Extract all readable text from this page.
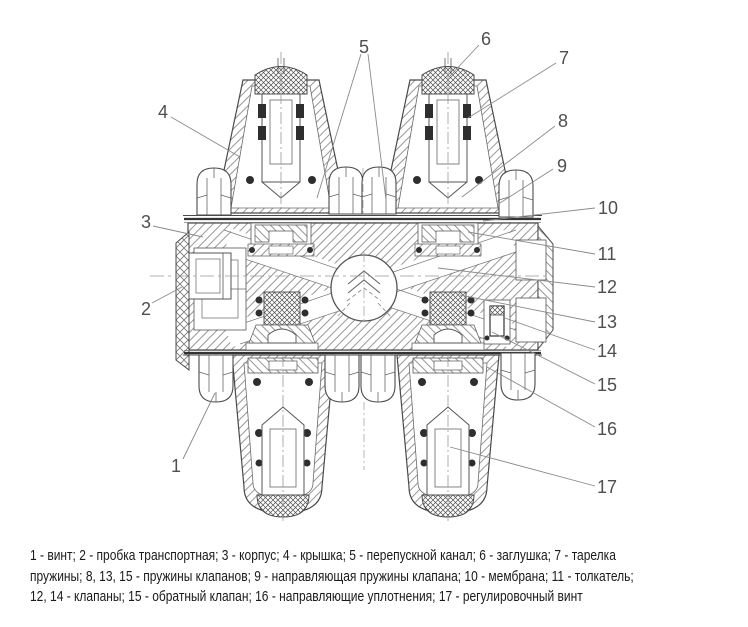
1
2
3
4
5	6
7
8
9
10
11
12
13
14
15
16
17
1 - винт; 2 - пробка транспортная; 3 - корпус; 4 - крышка; 5 - перепускной канал; 6 - заглушка; 7 - тарелка
пружины; 8, 13, 15 - пружины клапанов; 9 - направляющая пружины клапана; 10 - мембрана; 11 - толкатель;
12, 14 - клапаны; 15 - обратный клапан; 16 - направляющие уплотнения; 17 - регулировочный винт
